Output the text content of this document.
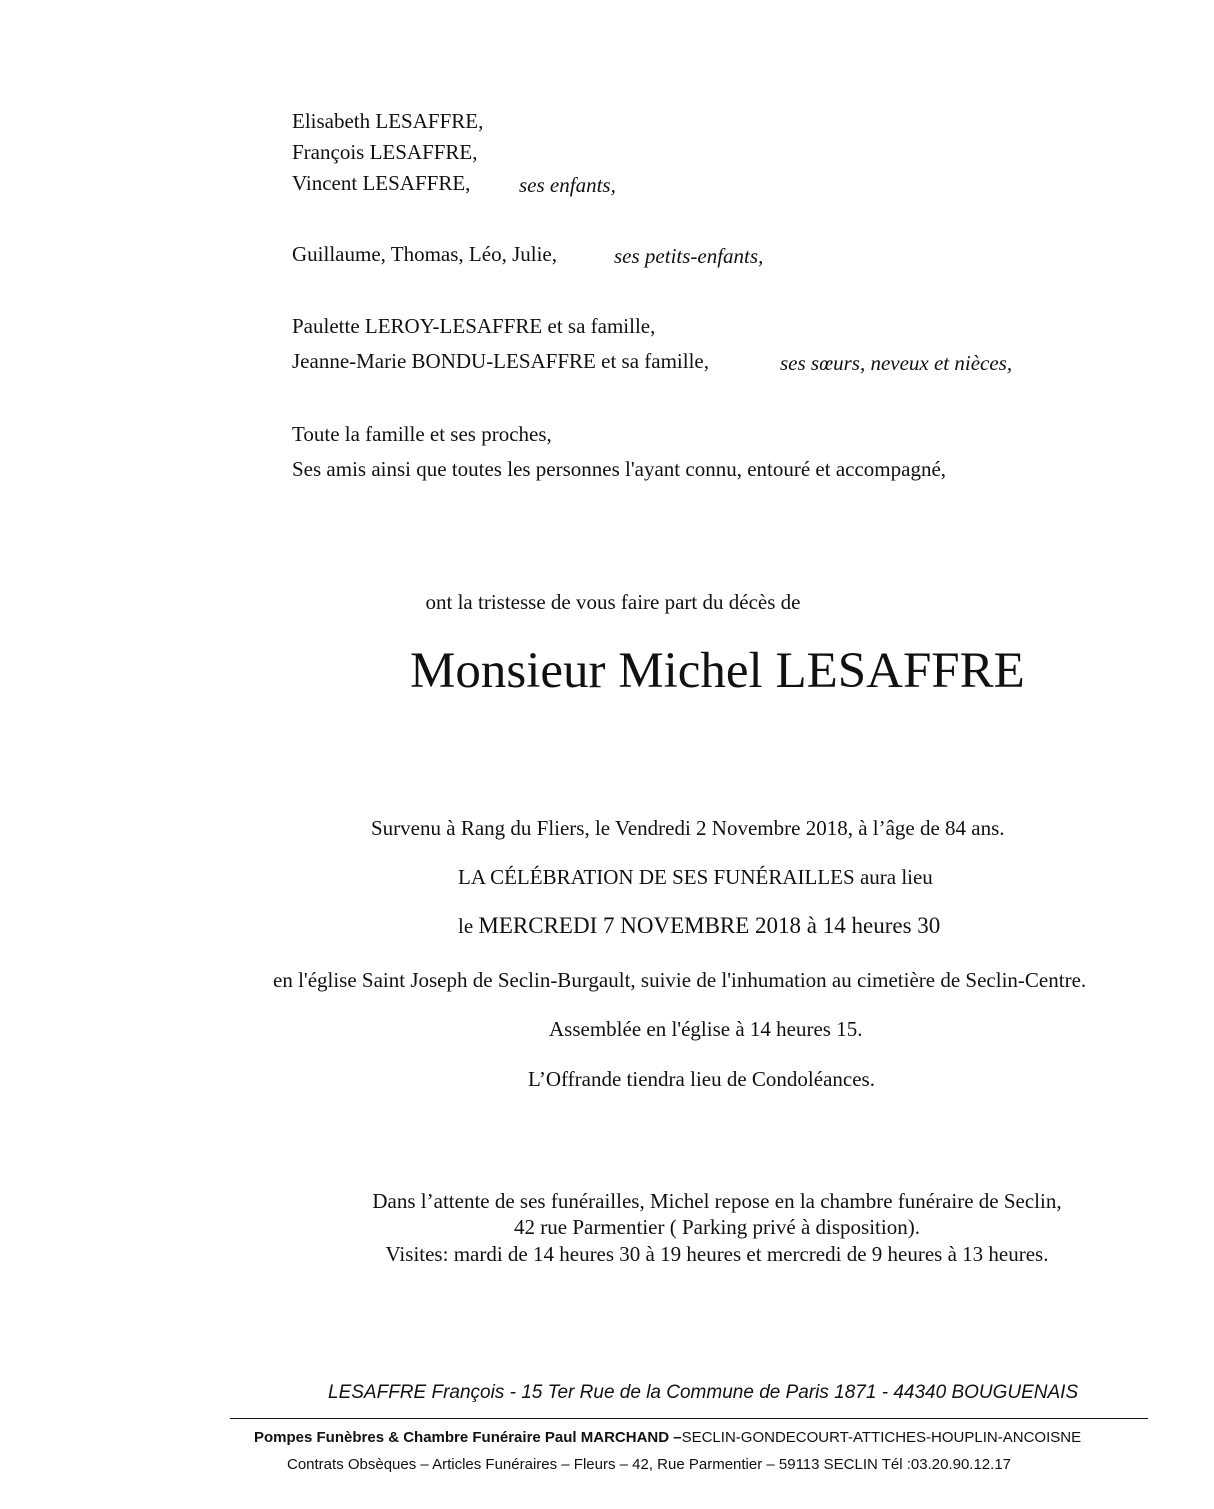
Elisabeth LESAFFRE,
François LESAFFRE,
Vincent LESAFFRE, ses enfants,
Guillaume, Thomas, Léo, Julie,	ses petits-enfants,
Paulette LEROY-LESAFFRE et sa famille,
Jeanne-Marie BONDU-LESAFFRE et sa famille,	ses sœurs, neveux et nièces,
Toute la famille et ses proches,
Ses amis ainsi que toutes les personnes l'ayant connu, entouré et accompagné,
ont la tristesse de vous faire part du décès de
Monsieur Michel LESAFFRE
Survenu à Rang du Fliers, le Vendredi 2 Novembre 2018, à l’âge de 84 ans.
LA CÉLÉBRATION DE SES FUNÉRAILLES aura lieu
le MERCREDI 7 NOVEMBRE 2018 à 14 heures 30
en l'église Saint Joseph de Seclin-Burgault, suivie de l'inhumation au cimetière de Seclin-Centre.
Assemblée en l'église à 14 heures 15.
L’Offrande tiendra lieu de Condoléances.
Dans l’attente de ses funérailles, Michel repose en la chambre funéraire de Seclin,
42 rue Parmentier ( Parking privé à disposition).
Visites: mardi de 14 heures 30 à 19 heures et mercredi de 9 heures à 13 heures.
LESAFFRE François - 15 Ter Rue de la Commune de Paris 1871 - 44340 BOUGUENAIS
Pompes Funèbres & Chambre Funéraire Paul MARCHAND –SECLIN-GONDECOURT-ATTICHES-HOUPLIN-ANCOISNE
Contrats Obsèques – Articles Funéraires – Fleurs – 42, Rue Parmentier – 59113 SECLIN Tél :03.20.90.12.17
